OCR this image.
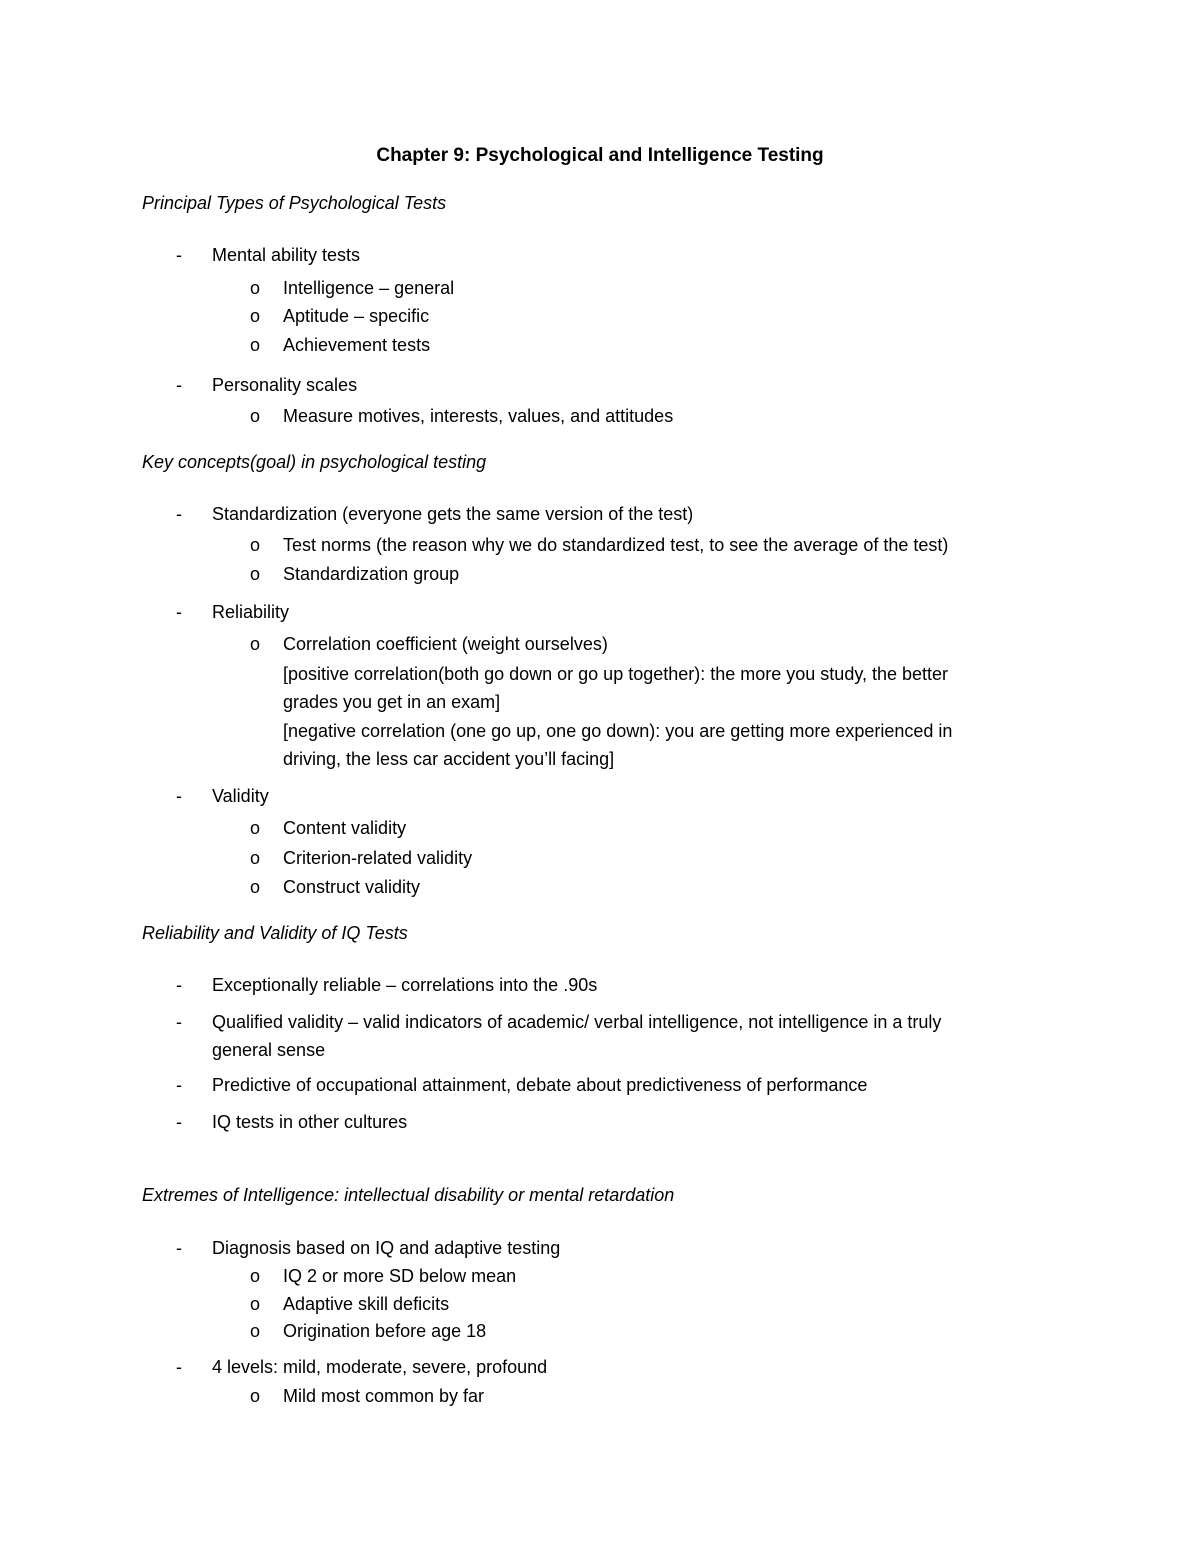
Chapter 9: Psychological and Intelligence Testing
Principal Types of Psychological Tests
- Mental ability tests
o Intelligence – general
o Aptitude – specific
o Achievement tests
- Personality scales
o Measure motives, interests, values, and attitudes
Key concepts(goal) in psychological testing
- Standardization (everyone gets the same version of the test)
o Test norms (the reason why we do standardized test, to see the average of the test)
o Standardization group
- Reliability
o Correlation coefficient (weight ourselves)
[positive correlation(both go down or go up together): the more you study, the better
grades you get in an exam]
[negative correlation (one go up, one go down): you are getting more experienced in
driving, the less car accident you’ll facing]
- Validity
o Content validity
o Criterion-related validity
o Construct validity
Reliability and Validity of IQ Tests
- Exceptionally reliable – correlations into the .90s
- Qualified validity – valid indicators of academic/ verbal intelligence, not intelligence in a truly
general sense
- Predictive of occupational attainment, debate about predictiveness of performance
- IQ tests in other cultures
Extremes of Intelligence: intellectual disability or mental retardation
- Diagnosis based on IQ and adaptive testing
o IQ 2 or more SD below mean
o Adaptive skill deficits
o Origination before age 18
- 4 levels: mild, moderate, severe, profound
o Mild most common by far
